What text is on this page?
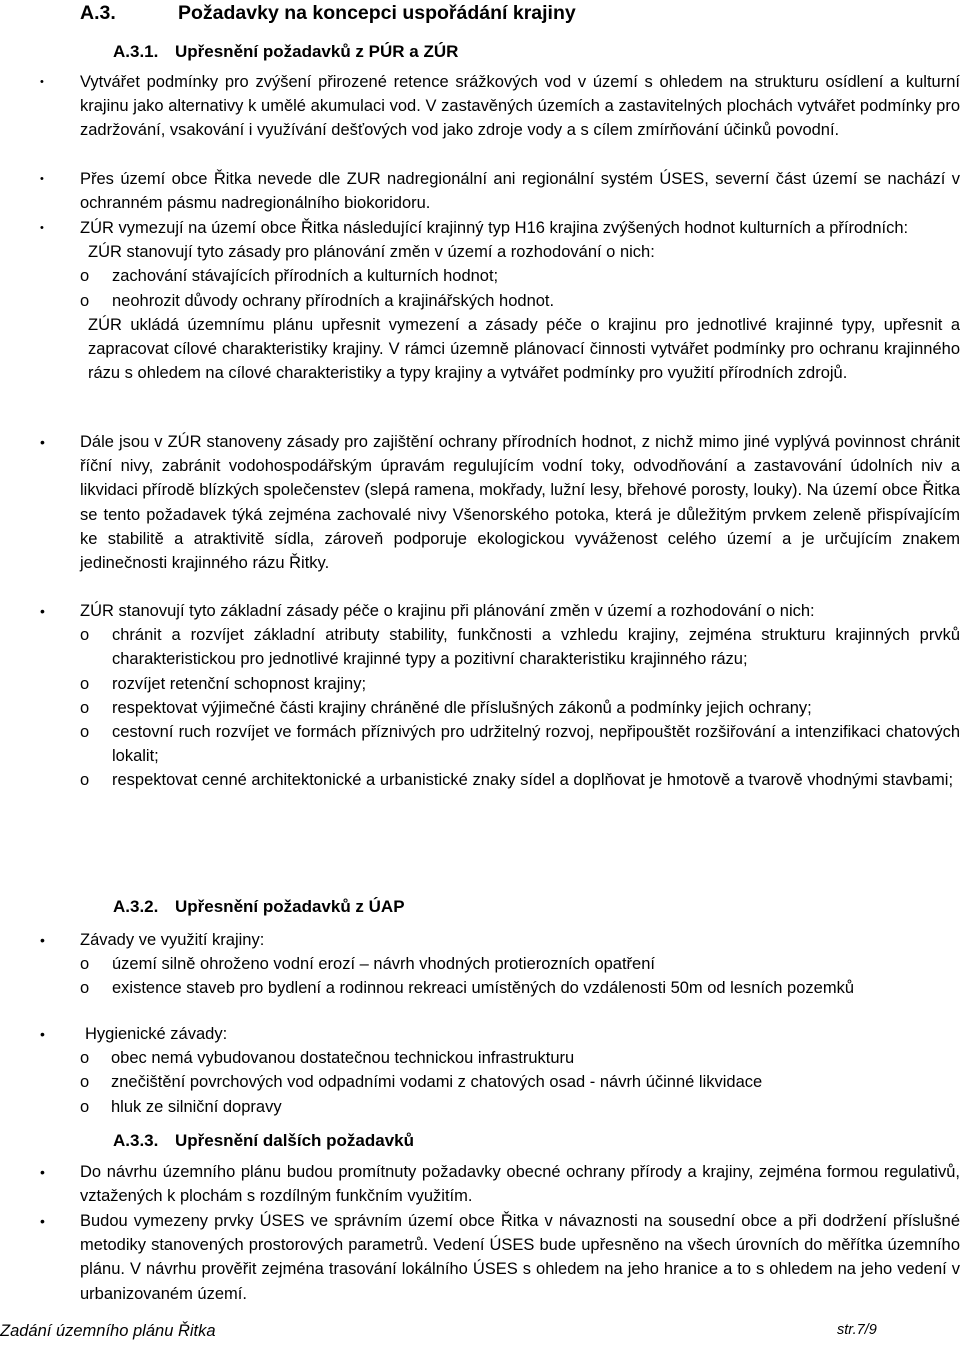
A.3.	Požadavky na koncepci uspořádání krajiny
A.3.1. Upřesnění požadavků z PÚR a ZÚR
• Vytvářet podmínky pro zvýšení přirozené retence srážkových vod v území s ohledem na strukturu osídlení a kulturní krajinu jako alternativy k umělé akumulaci vod. V zastavěných územích a zastavitelných plochách vytvářet podmínky pro zadržování, vsakování i využívání dešťových vod jako zdroje vody a s cílem zmírňování účinků povodní.
• Přes území obce Řitka nevede dle ZUR nadregionální ani regionální systém ÚSES, severní část území se nachází v ochranném pásmu nadregionálního biokoridoru.
• ZÚR vymezují na území obce Řitka následující krajinný typ H16 krajina zvýšených hodnot kulturních a přírodních:
ZÚR stanovují tyto zásady pro plánování změn v území a rozhodování o nich:
o zachování stávajících přírodních a kulturních hodnot;
o neohrozit důvody ochrany přírodních a krajinářských hodnot.
ZÚR ukládá územnímu plánu upřesnit vymezení a zásady péče o krajinu pro jednotlivé krajinné typy, upřesnit a zapracovat cílové charakteristiky krajiny. V rámci územně plánovací činnosti vytvářet podmínky pro ochranu krajinného rázu s ohledem na cílové charakteristiky a typy krajiny a vytvářet podmínky pro využití přírodních zdrojů.
• Dále jsou v ZÚR stanoveny zásady pro zajištění ochrany přírodních hodnot, z nichž mimo jiné vyplývá povinnost chránit říční nivy, zabránit vodohospodářským úpravám regulujícím vodní toky, odvodňování a zastavování údolních niv a likvidaci přírodě blízkých společenstev (slepá ramena, mokřady, lužní lesy, břehové porosty, louky). Na území obce Řitka se tento požadavek týká zejména zachovalé nivy Všenorského potoka, která je důležitým prvkem zeleně přispívajícím ke stabilitě a atraktivitě sídla, zároveň podporuje ekologickou vyváženost celého území a je určujícím znakem jedinečnosti krajinného rázu Řitky.
• ZÚR stanovují tyto základní zásady péče o krajinu při plánování změn v území a rozhodování o nich:
o chránit a rozvíjet základní atributy stability, funkčnosti a vzhledu krajiny, zejména strukturu krajinných prvků charakteristickou pro jednotlivé krajinné typy a pozitivní charakteristiku krajinného rázu;
o rozvíjet retenční schopnost krajiny;
o respektovat výjimečné části krajiny chráněné dle příslušných zákonů a podmínky jejich ochrany;
o cestovní ruch rozvíjet ve formách příznivých pro udržitelný rozvoj, nepřipouštět rozšiřování a intenzifikaci chatových lokalit;
o respektovat cenné architektonické a urbanistické znaky sídel a doplňovat je hmotově a tvarově vhodnými stavbami;
A.3.2. Upřesnění požadavků z ÚAP
• Závady ve využití krajiny:
o území silně ohroženo vodní erozí – návrh vhodných protierozních opatření
o existence staveb pro bydlení a rodinnou rekreaci umístěných do vzdálenosti 50m od lesních pozemků
• Hygienické závady:
o obec nemá vybudovanou dostatečnou technickou infrastrukturu
o znečištění povrchových vod odpadními vodami z chatových osad - návrh účinné likvidace
o hluk ze silniční dopravy
A.3.3. Upřesnění dalších požadavků
• Do návrhu územního plánu budou promítnuty požadavky obecné ochrany přírody a krajiny, zejména formou regulativů, vztažených k plochám s rozdílným funkčním využitím.
• Budou vymezeny prvky ÚSES ve správním území obce Řitka v návaznosti na sousední obce a při dodržení příslušné metodiky stanovených prostorových parametrů. Vedení ÚSES bude upřesněno na všech úrovních do měřítka územního plánu. V návrhu prověřit zejména trasování lokálního ÚSES s ohledem na jeho hranice a to s ohledem na jeho vedení v urbanizovaném území.
Zadání územního plánu Řitka	str.7/9
